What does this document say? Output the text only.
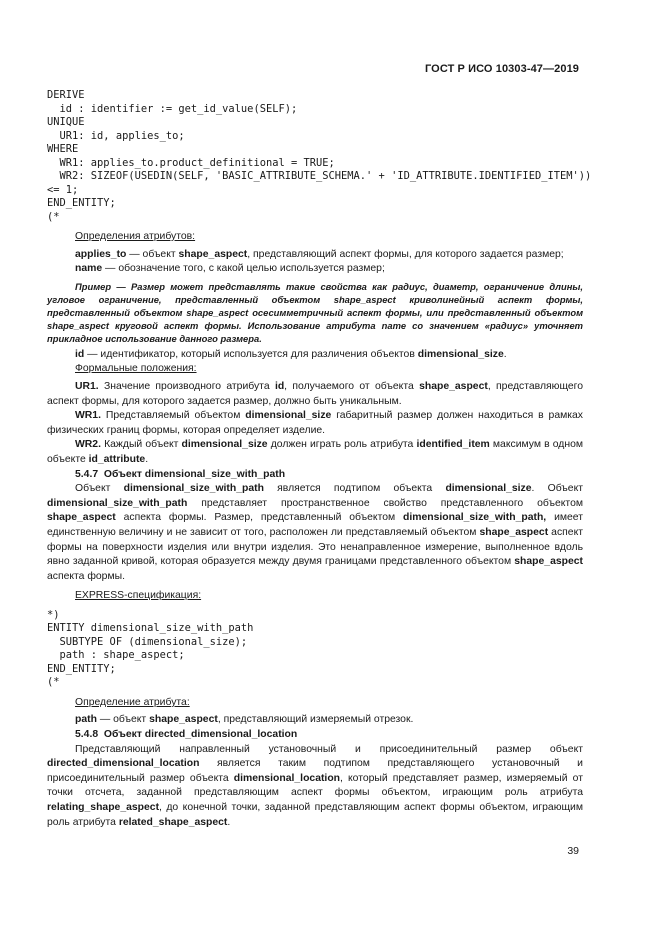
ГОСТ Р ИСО 10303-47—2019
DERIVE
id : identifier := get_id_value(SELF);
UNIQUE
UR1: id, applies_to;
WHERE
WR1: applies_to.product_definitional = TRUE;
WR2: SIZEOF(USEDIN(SELF, 'BASIC_ATTRIBUTE_SCHEMA.' + 'ID_ATTRIBUTE.IDENTIFIED_ITEM'))
<= 1;
END_ENTITY;
(*

Определения атрибутов:

applies_to — объект shape_aspect, представляющий аспект формы, для которого задается размер;

name — обозначение того, с какой целью используется размер;

Пример — Размер может представлять такие свойства как радиус, диаметр, ограничение длины, угловое ограничение, представленный объектом shape_aspect криволинейный аспект формы, представленный объектом shape_aspect осесимметричный аспект формы, или представленный объектом shape_aspect круговой аспект формы. Использование атрибута name со значением «радиус» уточняет прикладное использование данного размера.

id — идентификатор, который используется для различения объектов dimensional_size.

Формальные положения:

UR1. Значение производного атрибута id, получаемого от объекта shape_aspect, представляющего аспект формы, для которого задается размер, должно быть уникальным.

WR1. Представляемый объектом dimensional_size габаритный размер должен находиться в рамках физических границ формы, которая определяет изделие.

WR2. Каждый объект dimensional_size должен играть роль атрибута identified_item максимум в одном объекте id_attribute.

5.4.7 Объект dimensional_size_with_path

Объект dimensional_size_with_path является подтипом объекта dimensional_size. Объект dimensional_size_with_path представляет пространственное свойство представленного объектом shape_aspect аспекта формы. Размер, представленный объектом dimensional_size_with_path, имеет единственную величину и не зависит от того, расположен ли представляемый объектом shape_aspect аспект формы на поверхности изделия или внутри изделия. Это ненаправленное измерение, выполненное вдоль явно заданной кривой, которая образуется между двумя границами представленного объектом shape_aspect аспекта формы.

EXPRESS-спецификация:

*)
ENTITY dimensional_size_with_path
SUBTYPE OF (dimensional_size);
path : shape_aspect;
END_ENTITY;
(*

Определение атрибута:

path — объект shape_aspect, представляющий измеряемый отрезок.

5.4.8 Объект directed_dimensional_location

Представляющий направленный установочный и присоединительный размер объект directed_dimensional_location является таким подтипом представляющего установочный и присоединительный размер объекта dimensional_location, который представляет размер, измеряемый от точки отсчета, заданной представляющим аспект формы объектом, играющим роль атрибута relating_shape_aspect, до конечной точки, заданной представляющим аспект формы объектом, играющим роль атрибута related_shape_aspect.

39
